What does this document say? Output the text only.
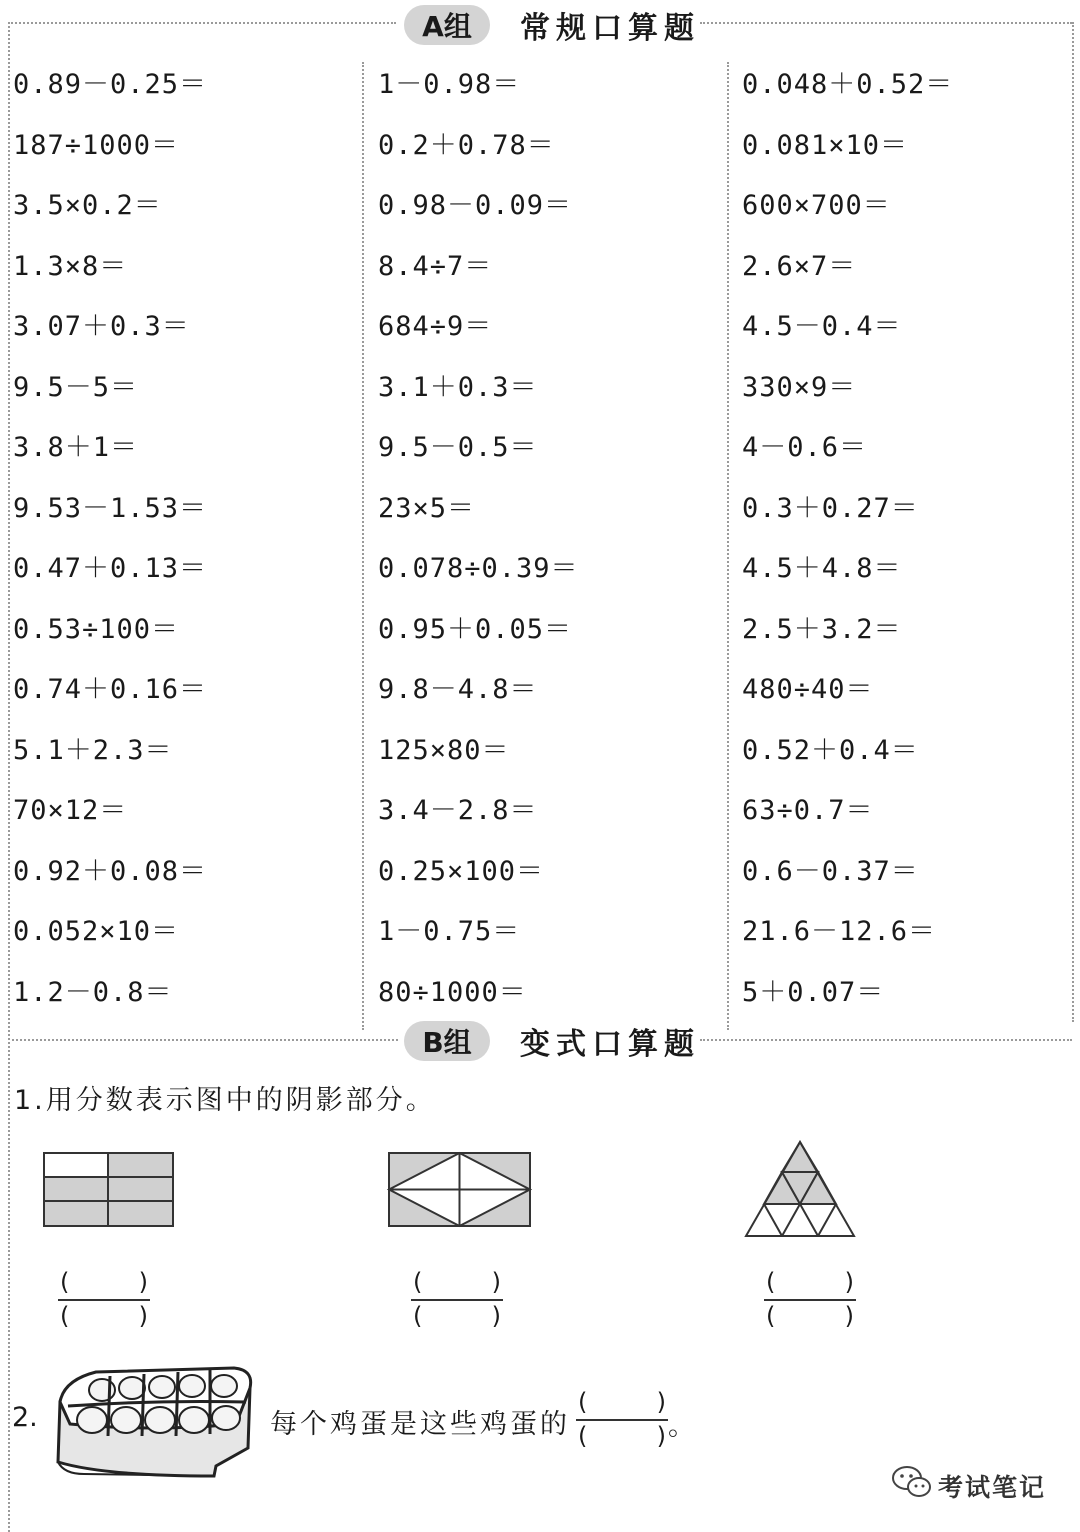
A组	常规口算题
0.89－0.25＝
187÷1000＝
3.5×0.2＝
1.3×8＝
3.07＋0.3＝
9.5－5＝
3.8＋1＝
9.53－1.53＝
0.47＋0.13＝
0.53÷100＝
0.74＋0.16＝
5.1＋2.3＝
70×12＝
0.92＋0.08＝
0.052×10＝
1.2－0.8＝
1－0.98＝
0.2＋0.78＝
0.98－0.09＝
8.4÷7＝
684÷9＝
3.1＋0.3＝
9.5－0.5＝
23×5＝
0.078÷0.39＝
0.95＋0.05＝
9.8－4.8＝
125×80＝
3.4－2.8＝
0.25×100＝
1－0.75＝
80÷1000＝
0.048＋0.52＝
0.081×10＝
600×700＝
2.6×7＝
4.5－0.4＝
330×9＝
4－0.6＝
0.3＋0.27＝
4.5＋4.8＝
2.5＋3.2＝
480÷40＝
0.52＋0.4＝
63÷0.7＝
0.6－0.37＝
21.6－12.6＝
5＋0.07＝
B组	变式口算题
1.用分数表示图中的阴影部分。
(	)
(	)
(	)
(	)
(	)
(	)
2.	每个鸡蛋是这些鸡蛋的
(	)
(	) 。
考试笔记
